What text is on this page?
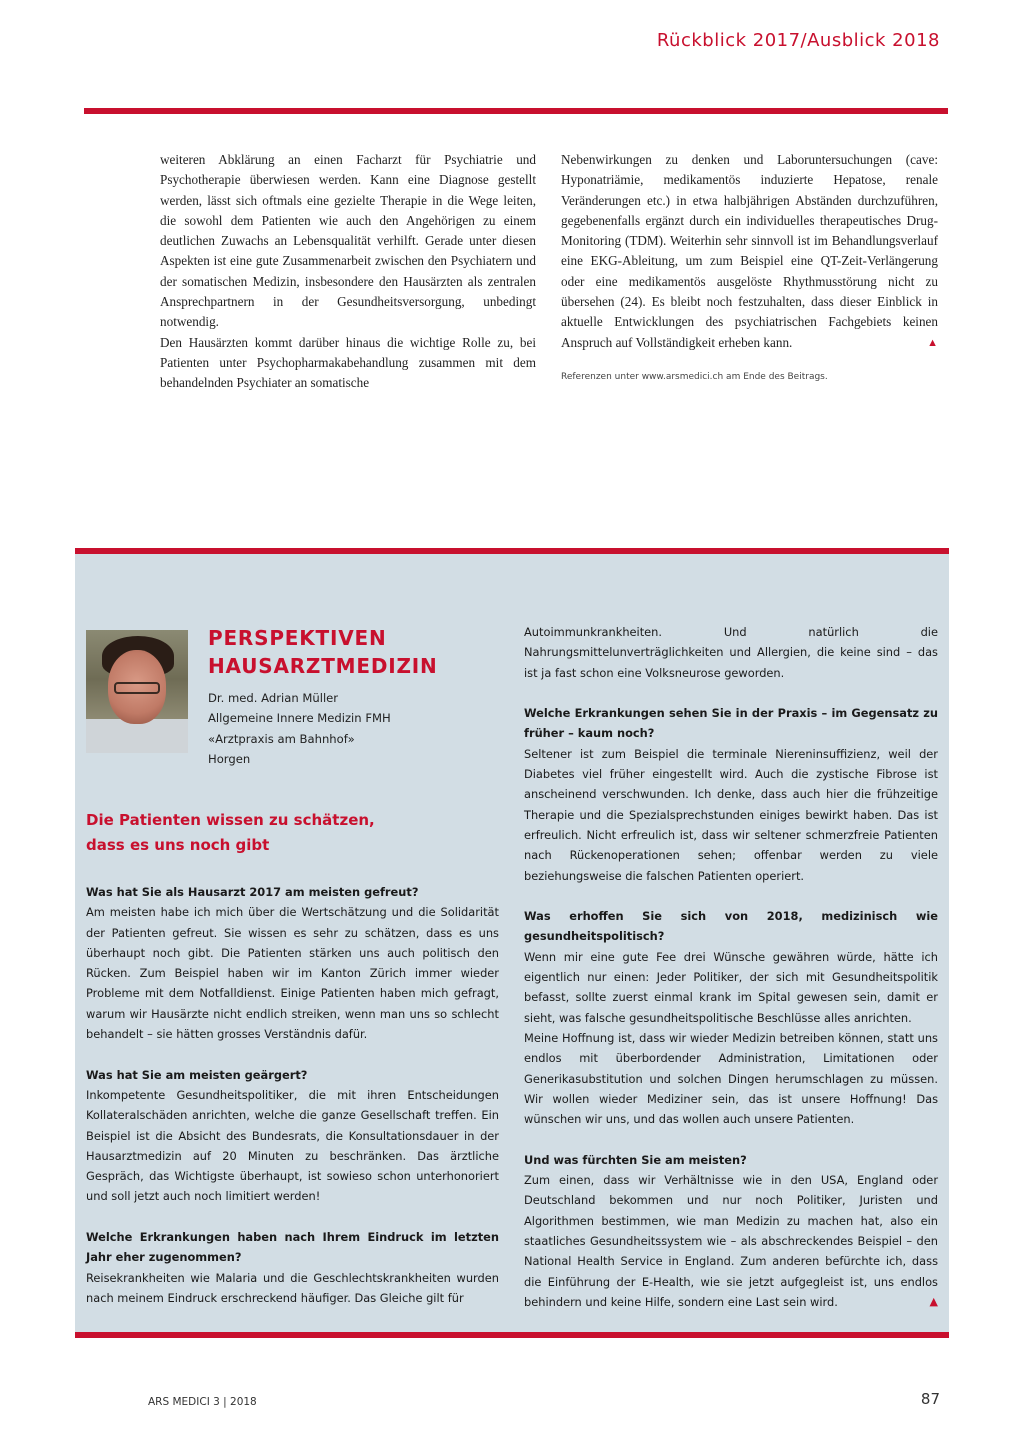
Rückblick 2017/Ausblick 2018

weiteren Abklärung an einen Facharzt für Psychiatrie und Psychotherapie überwiesen werden. Kann eine Diagnose gestellt werden, lässt sich oftmals eine gezielte Therapie in die Wege leiten, die sowohl dem Patienten wie auch den Angehörigen zu einem deutlichen Zuwachs an Lebensqualität verhilft. Gerade unter diesen Aspekten ist eine gute Zusammenarbeit zwischen den Psychiatern und der somatischen Medizin, insbesondere den Hausärzten als zentralen Ansprechpartnern in der Gesundheitsversorgung, unbedingt notwendig.

Den Hausärzten kommt darüber hinaus die wichtige Rolle zu, bei Patienten unter Psychopharmakabehandlung zusammen mit dem behandelnden Psychiater an somatische

Nebenwirkungen zu denken und Laboruntersuchungen (cave: Hyponatriämie, medikamentös induzierte Hepatose, renale Veränderungen etc.) in etwa halbjährigen Abständen durchzuführen, gegebenenfalls ergänzt durch ein individuelles therapeutisches Drug-Monitoring (TDM). Weiterhin sehr sinnvoll ist im Behandlungsverlauf eine EKG-Ableitung, um zum Beispiel eine QT-Zeit-Verlängerung oder eine medikamentös ausgelöste Rhythmusstörung nicht zu übersehen (24). Es bleibt noch festzuhalten, dass dieser Einblick in aktuelle Entwicklungen des psychiatrischen Fachgebiets keinen Anspruch auf Vollständigkeit erheben kann.	▲

Referenzen unter www.arsmedici.ch am Ende des Beitrags.

PERSPEKTIVEN
HAUSARZTMEDIZIN
Dr. med. Adrian Müller
Allgemeine Innere Medizin FMH
«Arztpraxis am Bahnhof»
Horgen
Die Patienten wissen zu schätzen,
dass es uns noch gibt

Was hat Sie als Hausarzt 2017 am meisten gefreut?

Am meisten habe ich mich über die Wertschätzung und die Solidarität der Patienten gefreut. Sie wissen es sehr zu schätzen, dass es uns überhaupt noch gibt. Die Patienten stärken uns auch politisch den Rücken. Zum Beispiel haben wir im Kanton Zürich immer wieder Probleme mit dem Notfalldienst. Einige Patienten haben mich gefragt, warum wir Hausärzte nicht endlich streiken, wenn man uns so schlecht behandelt – sie hätten grosses Verständnis dafür.

Was hat Sie am meisten geärgert?

Inkompetente Gesundheitspolitiker, die mit ihren Entscheidungen Kollateralschäden anrichten, welche die ganze Gesellschaft treffen. Ein Beispiel ist die Absicht des Bundesrats, die Konsultationsdauer in der Hausarztmedizin auf 20 Minuten zu beschränken. Das ärztliche Gespräch, das Wichtigste überhaupt, ist sowieso schon unterhonoriert und soll jetzt auch noch limitiert werden!

Welche Erkrankungen haben nach Ihrem Eindruck im letzten Jahr eher zugenommen?

Reisekrankheiten wie Malaria und die Geschlechtskrankheiten wurden nach meinem Eindruck erschreckend häufiger. Das Gleiche gilt für

Autoimmunkrankheiten. Und natürlich die Nahrungsmittelunverträglichkeiten und Allergien, die keine sind – das ist ja fast schon eine Volksneurose geworden.

Welche Erkrankungen sehen Sie in der Praxis – im Gegensatz zu früher – kaum noch?

Seltener ist zum Beispiel die terminale Niereninsuffizienz, weil der Diabetes viel früher eingestellt wird. Auch die zystische Fibrose ist anscheinend verschwunden. Ich denke, dass auch hier die frühzeitige Therapie und die Spezialsprechstunden einiges bewirkt haben. Das ist erfreulich. Nicht erfreulich ist, dass wir seltener schmerzfreie Patienten nach Rückenoperationen sehen; offenbar werden zu viele beziehungsweise die falschen Patienten operiert.

Was erhoffen Sie sich von 2018, medizinisch wie gesundheitspolitisch?

Wenn mir eine gute Fee drei Wünsche gewähren würde, hätte ich eigentlich nur einen: Jeder Politiker, der sich mit Gesundheitspolitik befasst, sollte zuerst einmal krank im Spital gewesen sein, damit er sieht, was falsche gesundheitspolitische Beschlüsse alles anrichten.

Meine Hoffnung ist, dass wir wieder Medizin betreiben können, statt uns endlos mit überbordender Administration, Limitationen oder Generikasubstitution und solchen Dingen herumschlagen zu müssen. Wir wollen wieder Mediziner sein, das ist unsere Hoffnung! Das wünschen wir uns, und das wollen auch unsere Patienten.

Und was fürchten Sie am meisten?

Zum einen, dass wir Verhältnisse wie in den USA, England oder Deutschland bekommen und nur noch Politiker, Juristen und Algorithmen bestimmen, wie man Medizin zu machen hat, also ein staatliches Gesundheitssystem wie – als abschreckendes Beispiel – den National Health Service in England. Zum anderen befürchte ich, dass die Einführung der E-Health, wie sie jetzt aufgegleist ist, uns endlos behindern und keine Hilfe, sondern eine Last sein wird.	▲

ARS MEDICI 3 | 2018	87
